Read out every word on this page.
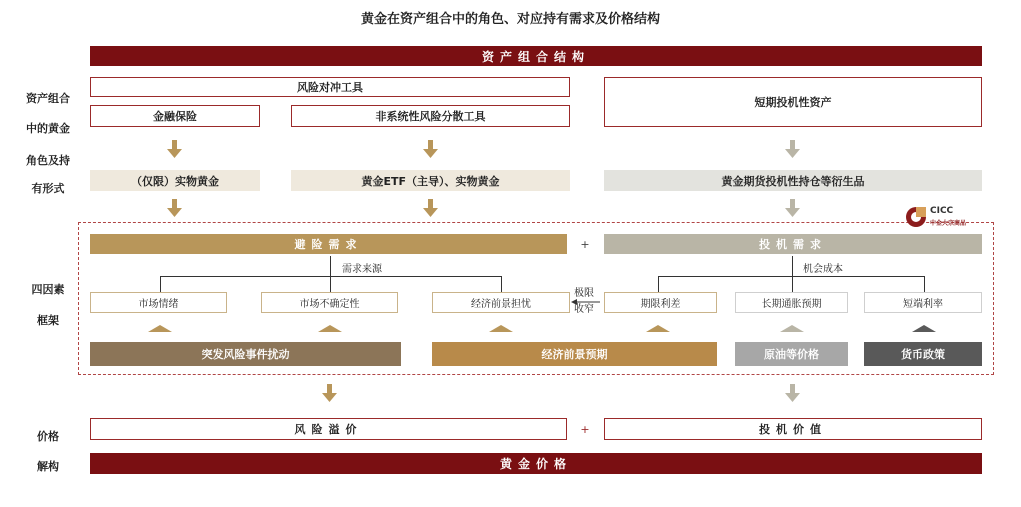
黄金在资产组合中的角色、对应持有需求及价格结构
资产组合
中的黄金
角色及持
有形式
四因素
框架
价格
解构
资产组合结构
风险对冲工具
金融保险	非系统性风险分散工具
短期投机性资产
（仅限）实物黄金	黄金ETF（主导）、实物黄金	黄金期货投机性持仓等衍生品
CICC
中金大宗商品
避险需求	+	投机需求
需求来源	机会成本
市场情绪	市场不确定性	经济前景担忧
极限收窄	期限利差	长期通胀预期	短端利率
突发风险事件扰动	经济前景预期	原油等价格	货币政策
风险溢价	+	投机价值
黄金价格
